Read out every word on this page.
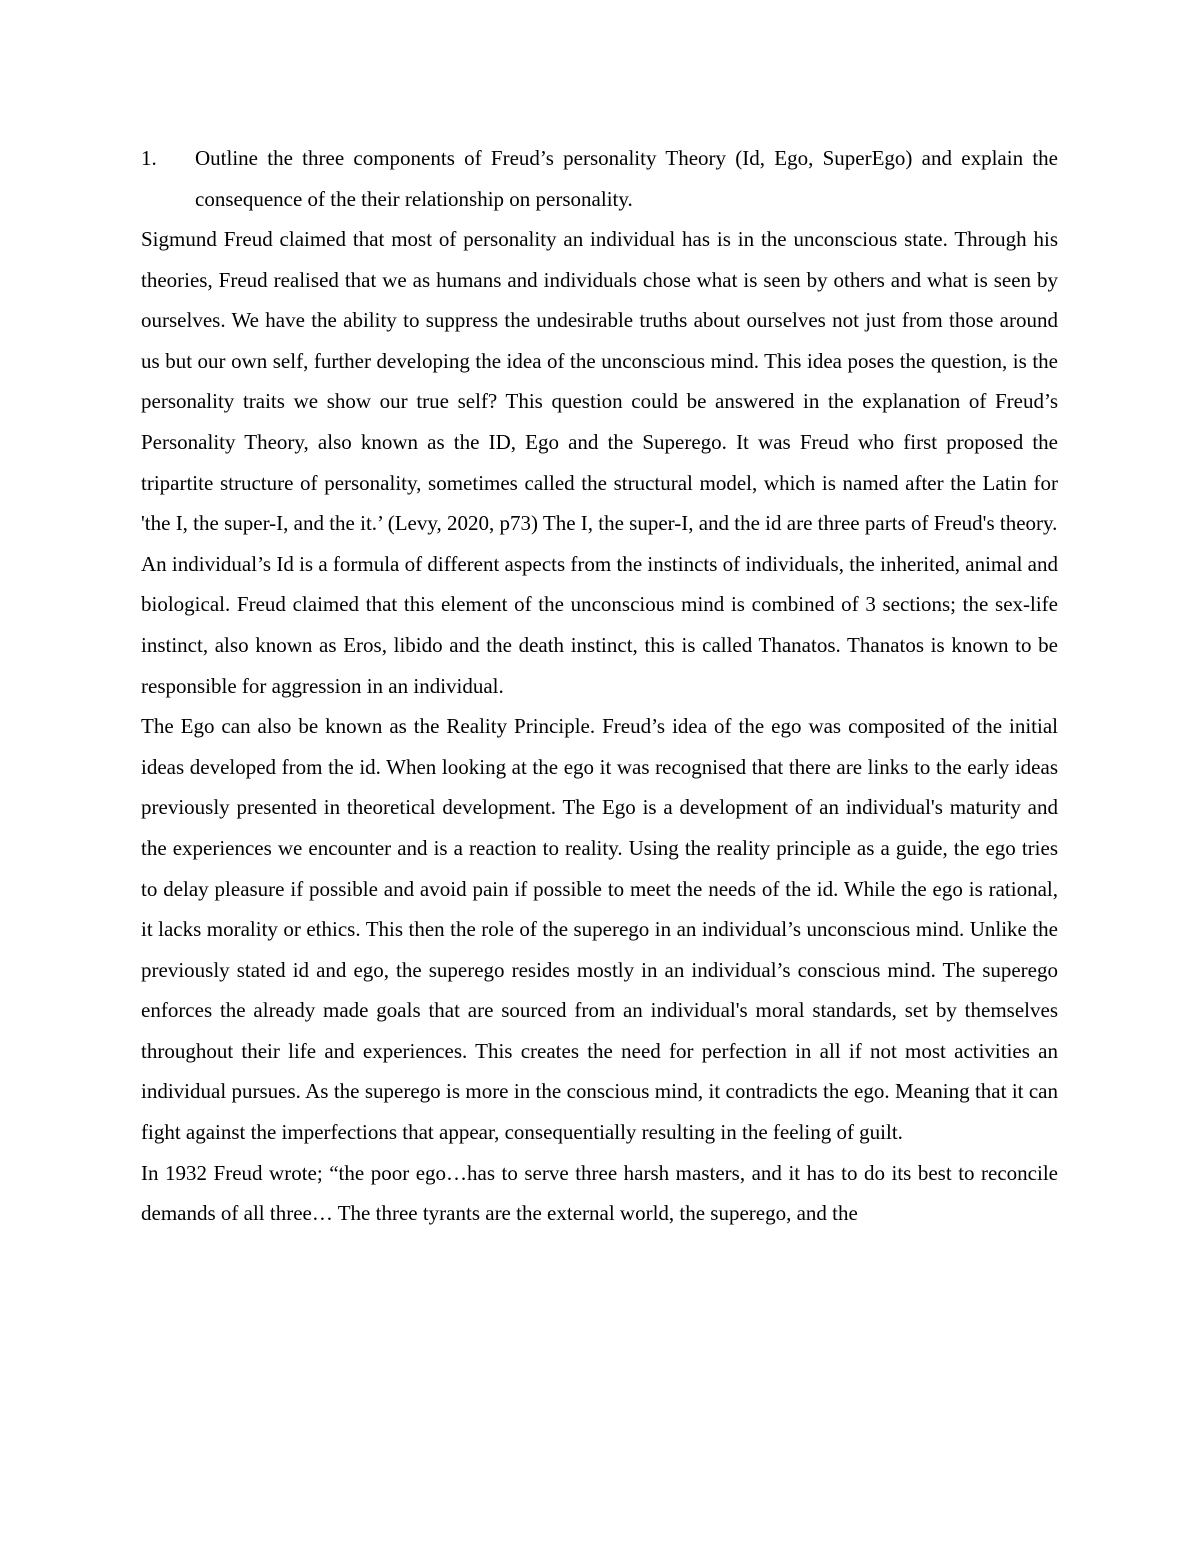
1. Outline the three components of Freud’s personality Theory (Id, Ego, SuperEgo) and explain the consequence of the their relationship on personality.

Sigmund Freud claimed that most of personality an individual has is in the unconscious state. Through his theories, Freud realised that we as humans and individuals chose what is seen by others and what is seen by ourselves. We have the ability to suppress the undesirable truths about ourselves not just from those around us but our own self, further developing the idea of the unconscious mind. This idea poses the question, is the personality traits we show our true self? This question could be answered in the explanation of Freud’s Personality Theory, also known as the ID, Ego and the Superego. It was Freud who first proposed the tripartite structure of personality, sometimes called the structural model, which is named after the Latin for 'the I, the super-I, and the it.’ (Levy, 2020, p73) The I, the super-I, and the id are three parts of Freud's theory.

An individual’s Id is a formula of different aspects from the instincts of individuals, the inherited, animal and biological. Freud claimed that this element of the unconscious mind is combined of 3 sections; the sex-life instinct, also known as Eros, libido and the death instinct, this is called Thanatos. Thanatos is known to be responsible for aggression in an individual.

The Ego can also be known as the Reality Principle. Freud’s idea of the ego was composited of the initial ideas developed from the id. When looking at the ego it was recognised that there are links to the early ideas previously presented in theoretical development. The Ego is a development of an individual's maturity and the experiences we encounter and is a reaction to reality. Using the reality principle as a guide, the ego tries to delay pleasure if possible and avoid pain if possible to meet the needs of the id. While the ego is rational, it lacks morality or ethics. This then the role of the superego in an individual’s unconscious mind. Unlike the previously stated id and ego, the superego resides mostly in an individual’s conscious mind. The superego enforces the already made goals that are sourced from an individual's moral standards, set by themselves throughout their life and experiences. This creates the need for perfection in all if not most activities an individual pursues. As the superego is more in the conscious mind, it contradicts the ego. Meaning that it can fight against the imperfections that appear, consequentially resulting in the feeling of guilt.

In 1932 Freud wrote; “the poor ego…has to serve three harsh masters, and it has to do its best to reconcile demands of all three… The three tyrants are the external world, the superego, and the
